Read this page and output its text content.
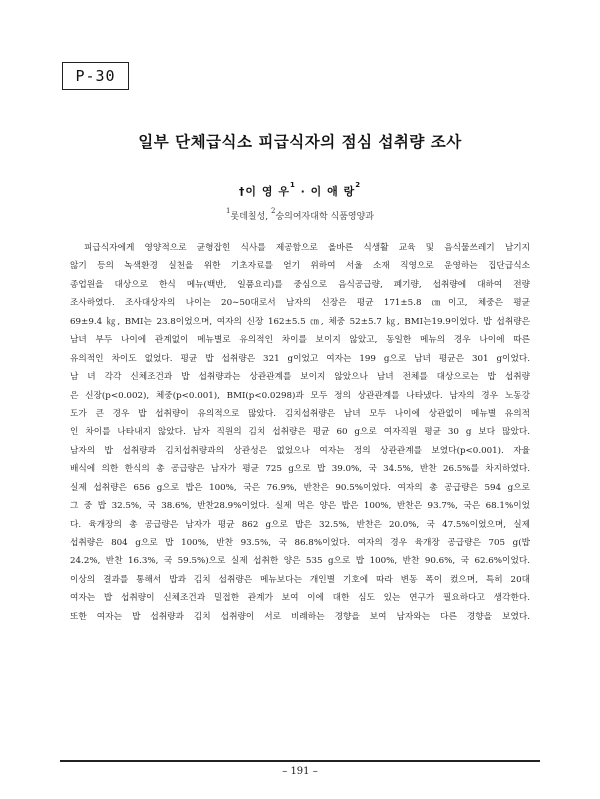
P-30
일부 단체급식소 피급식자의 점심 섭취량 조사
†이 영 우$^1$ · 이 애 랑$^2$
$^1$롯데칠성, $^2$숭의여자대학 식품영양과
피급식자에게 영양적으로 균형잡힌 식사를 제공함으로 올바른 식생활 교육 및 음식물쓰레기 남기지
않기 등의 녹색환경 실천을 위한 기초자료를 얻기 위하여 서울 소재 직영으로 운영하는 집단급식소
종업원을 대상으로 한식 메뉴(백반, 일품요리)를 중심으로 음식공급량, 폐기량, 섭취량에 대하여 전량
조사하였다. 조사대상자의 나이는 20∼50대로서 남자의 신장은 평균 171±5.8 ㎝이고, 체중은 평균
69±9.4 ㎏, BMI는 23.8이었으며, 여자의 신장 162±5.5 ㎝, 체중 52±5.7 ㎏, BMI는19.9이었다. 밥 섭취량은
남녀 부두 나이에 관계없이 메뉴별로 유의적인 차이를 보이지 않았고, 동일한 메뉴의 경우 나이에 따른
유의적인 차이도 없었다. 평균 밥 섭취량은 321 g이었고 여자는 199 g으로 남녀 평균은 301 g이었다.
남 녀 각각 신체조건과 밥 섭취량과는 상관관계를 보이지 않았으나 남녀 전체를 대상으로는 밥 섭취량
은 신장(p<0.002), 체중(p<0.001), BMI(p<0.0298)과 모두 정의 상관관계를 나타냈다. 남자의 경우 노동강
도가 큰 경우 밥 섭취량이 유의적으로 많았다. 김치섭취량은 남녀 모두 나이에 상관없이 메뉴별 유의적
인 차이를 나타내지 않았다. 남자 직원의 김치 섭취량은 평균 60 g으로 여자직원 평균 30 g 보다 많았다.
남자의 밥 섭취량과 김치섭취량과의 상관성은 없었으나 여자는 정의 상관관계를 보였다(p<0.001). 자율
배식에 의한 한식의 총 공급량은 남자가 평균 725 g으로 밥 39.0%, 국 34.5%, 반찬 26.5%를 차지하였다.
실제 섭취량은 656 g으로 밥은 100%, 국은 76.9%, 반찬은 90.5%이었다. 여자의 총 공급량은 594 g으로
그 중 밥 32.5%, 국 38.6%, 반찬28.9%이었다. 실제 먹은 양은 밥은 100%, 반찬은 93.7%, 국은 68.1%이었
다. 육개장의 총 공급량은 남자가 평균 862 g으로 밥은 32.5%, 반찬은 20.0%, 국 47.5%이었으며, 실제
섭취량은 804 g으로 밥 100%, 반찬 93.5%, 국 86.8%이었다. 여자의 경우 육개장 공급량은 705 g(밥
24.2%, 반찬 16.3%, 국 59.5%)으로 실제 섭취한 양은 535 g으로 밥 100%, 반찬 90.6%, 국 62.6%이었다.
이상의 결과를 통해서 밥과 김치 섭취량은 메뉴보다는 개인별 기호에 따라 변동 폭이 컸으며, 특히 20대
여자는 밥 섭취량이 신체조건과 밀접한 관계가 보여 이에 대한 심도 있는 연구가 필요하다고 생각한다.
또한 여자는 밥 섭취량과 김치 섭취량이 서로 비례하는 경향을 보여 남자와는 다른 경향을 보였다.
– 191 –
